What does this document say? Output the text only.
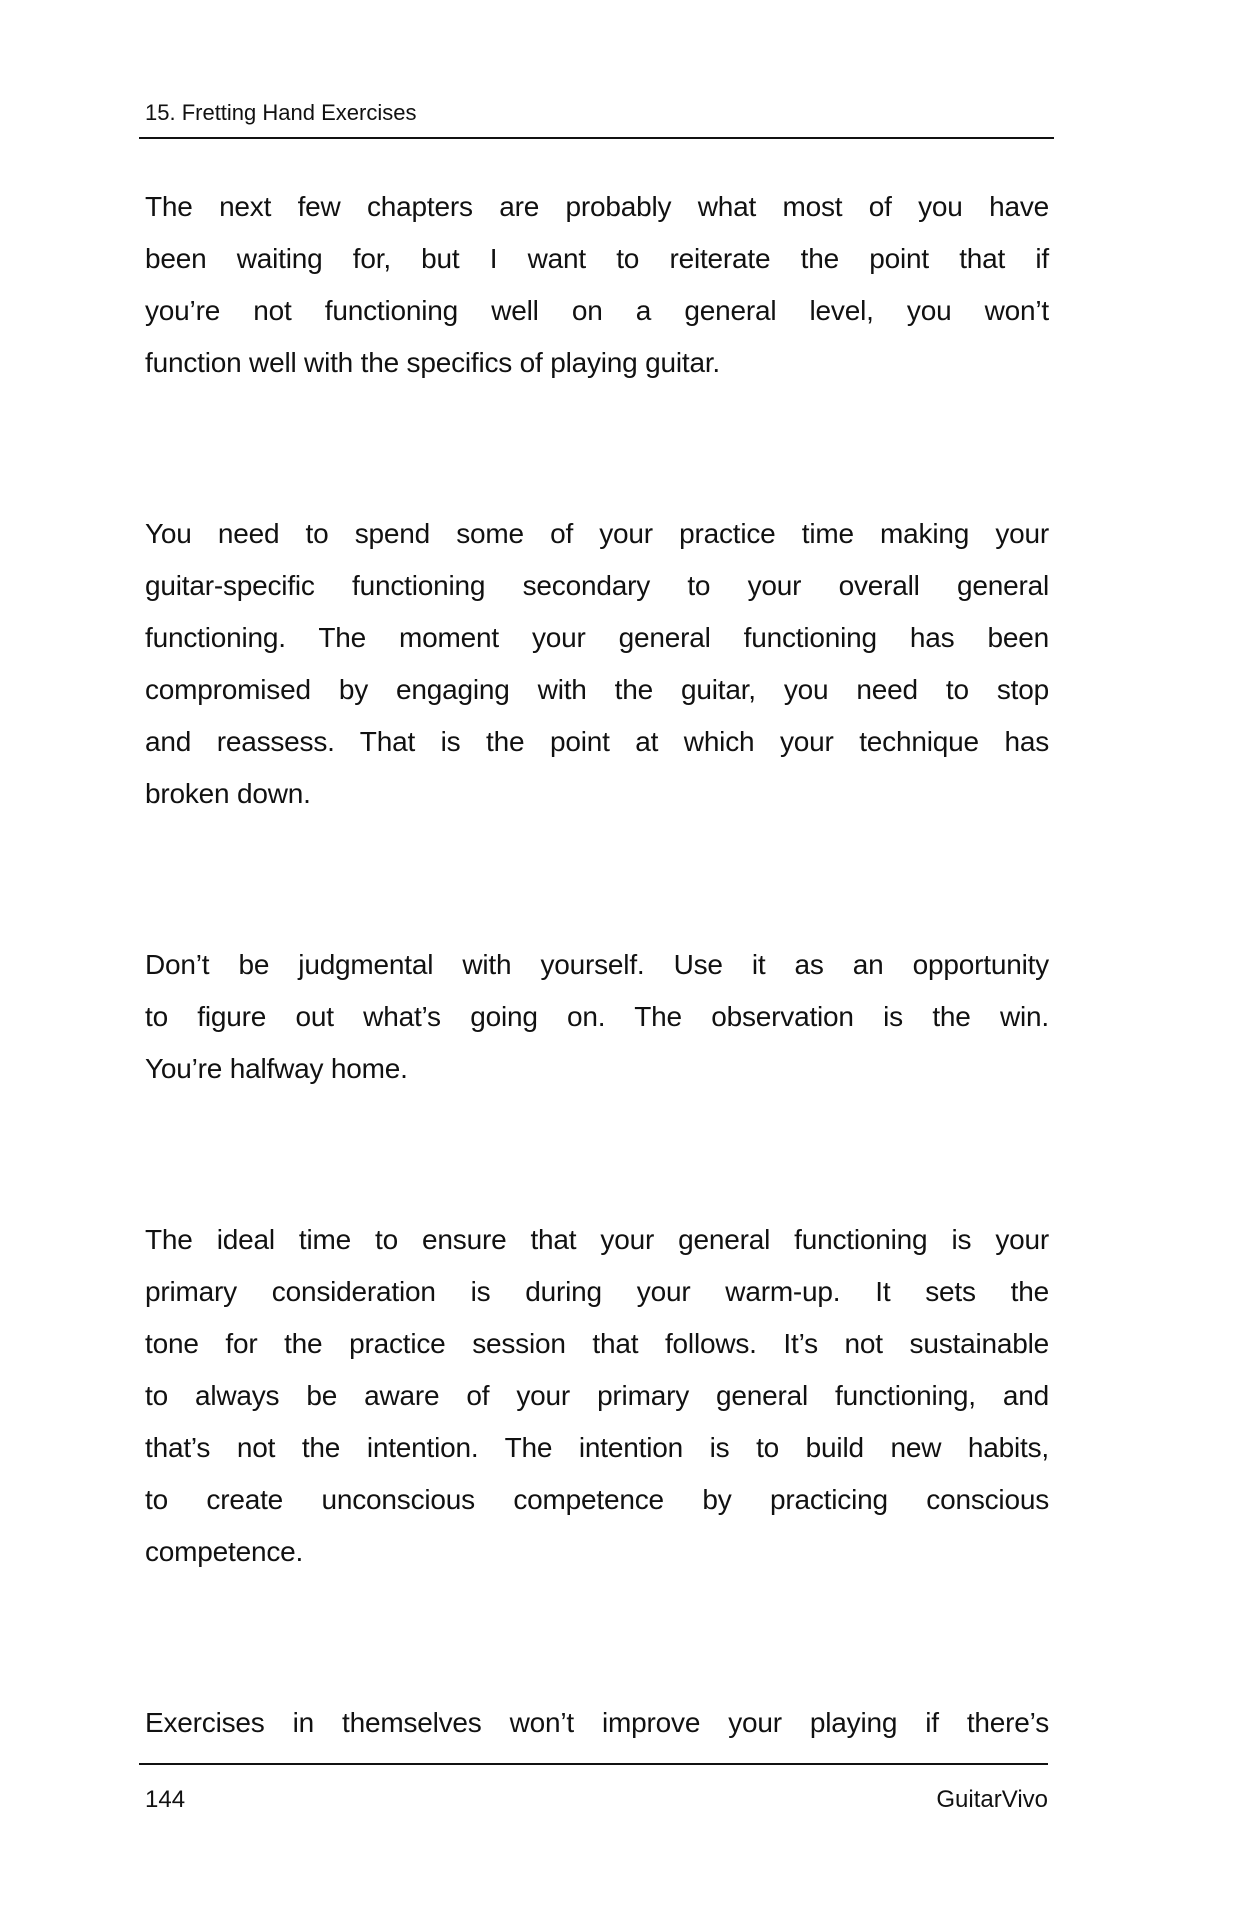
15. Fretting Hand Exercises
The next few chapters are probably what most of you have
been waiting for, but I want to reiterate the point that if
you’re not functioning well on a general level, you won’t
function well with the specifics of playing guitar.
You need to spend some of your practice time making your
guitar-specific functioning secondary to your overall general
functioning. The moment your general functioning has been
compromised by engaging with the guitar, you need to stop
and reassess. That is the point at which your technique has
broken down.
Don’t be judgmental with yourself. Use it as an opportunity
to figure out what’s going on. The observation is the win.
You’re halfway home.
The ideal time to ensure that your general functioning is your
primary consideration is during your warm-up. It sets the
tone for the practice session that follows. It’s not sustainable
to always be aware of your primary general functioning, and
that’s not the intention. The intention is to build new habits,
to create unconscious competence by practicing conscious
competence.
Exercises in themselves won’t improve your playing if there’s
144	GuitarVivo
